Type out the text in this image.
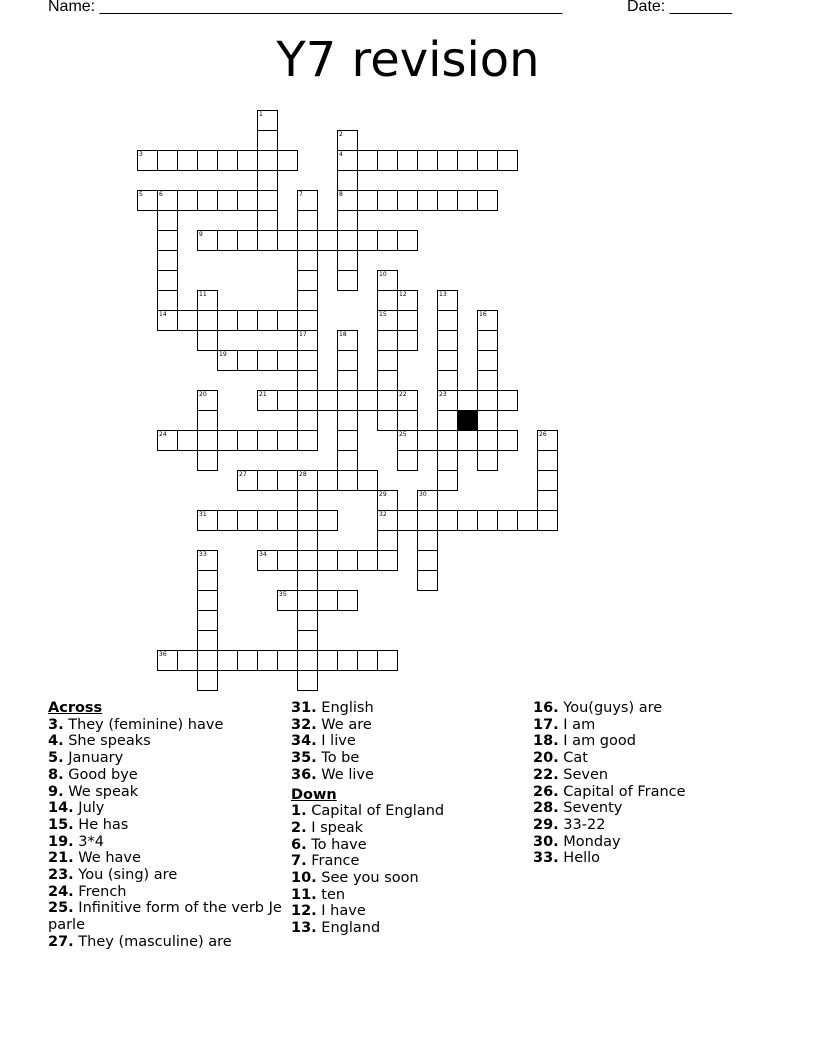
Name: ____________________________________________________	Date: _______
Y7 revision
1
2
4
8
3
5	6	7
9
10
15
11	12	13
23
14	16
17	18
19
20	21	22
25
24	26
27	28
29
32
30
31
33	34
35
36

Across

3. They (feminine) have

4. She speaks

5. January

8. Good bye

9. We speak

14. July

15. He has

19. 3*4

21. We have

23. You (sing) are

24. French

25. Infinitive form of the verb Je parle

27. They (masculine) are

31. English

32. We are

34. I live

35. To be

36. We live

Down

1. Capital of England

2. I speak

6. To have

7. France

10. See you soon

11. ten

12. I have

13. England

16. You(guys) are

17. I am

18. I am good

20. Cat

22. Seven

26. Capital of France

28. Seventy

29. 33-22

30. Monday

33. Hello
